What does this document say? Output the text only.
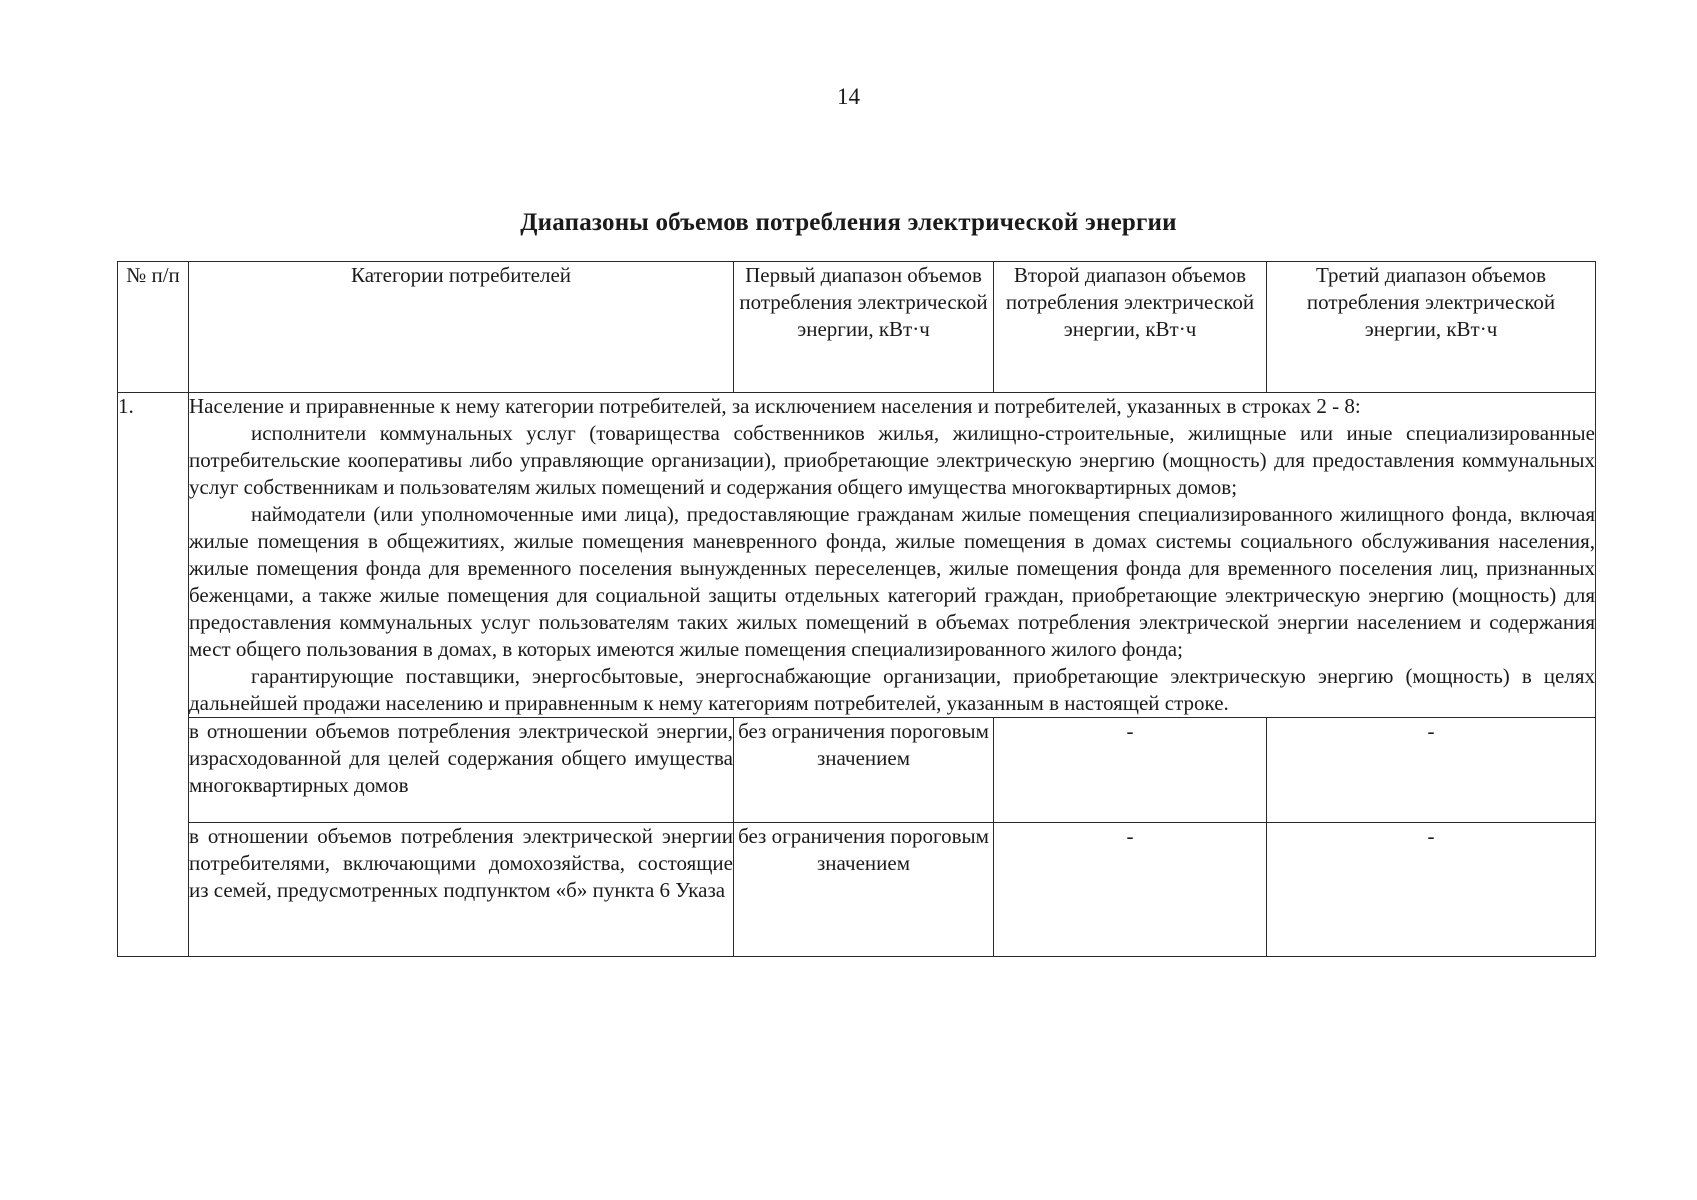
14
Диапазоны объемов потребления электрической энергии
№ п/п	Категории потребителей	Первый диапазон объемов потребления электрической энергии, кВт·ч	Второй диапазон объемов потребления электрической энергии, кВт·ч	Третий диапазон объемов потребления электрической энергии, кВт·ч
1.	Население и приравненные к нему категории потребителей, за исключением населения и потребителей, указанных в строках 2 - 8:

исполнители коммунальных услуг (товарищества собственников жилья, жилищно-строительные, жилищные или иные специализированные потребительские кооперативы либо управляющие организации), приобретающие электрическую энергию (мощность) для предоставления коммунальных услуг собственникам и пользователям жилых помещений и содержания общего имущества многоквартирных домов;

наймодатели (или уполномоченные ими лица), предоставляющие гражданам жилые помещения специализированного жилищного фонда, включая жилые помещения в общежитиях, жилые помещения маневренного фонда, жилые помещения в домах системы социального обслуживания населения, жилые помещения фонда для временного поселения вынужденных переселенцев, жилые помещения фонда для временного поселения лиц, признанных беженцами, а также жилые помещения для социальной защиты отдельных категорий граждан, приобретающие электрическую энергию (мощность) для предоставления коммунальных услуг пользователям таких жилых помещений в объемах потребления электрической энергии населением и содержания мест общего пользования в домах, в которых имеются жилые помещения специализированного жилого фонда;

гарантирующие поставщики, энергосбытовые, энергоснабжающие организации, приобретающие электрическую энергию (мощность) в целях дальнейшей продажи населению и приравненным к нему категориям потребителей, указанным в настоящей строке.			

	в отношении объемов потребления электрической энергии, израсходованной для целей содержания общего имущества многоквартирных домов	без ограничения пороговым значением	-	-
	в отношении объемов потребления электрической энергии потребителями, включающими домохозяйства, состоящие из семей, предусмотренных подпунктом «б» пункта 6 Указа	без ограничения пороговым значением	-	-
